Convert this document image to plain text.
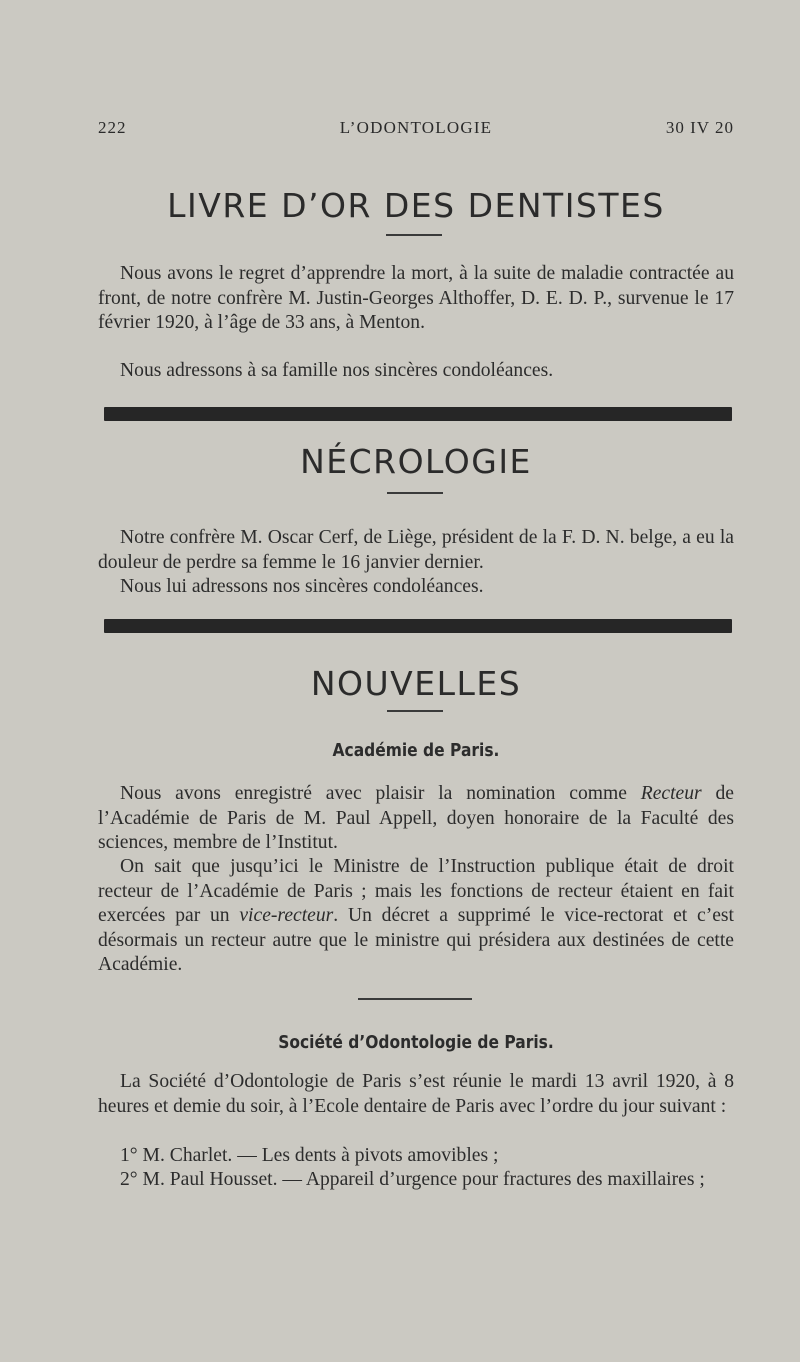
222	L’ODONTOLOGIE	30 IV 20
LIVRE D’OR DES DENTISTES

Nous avons le regret d’apprendre la mort, à la suite de maladie contractée au front, de notre confrère M. Justin-Georges Althoffer, D. E. D. P., survenue le 17 février 1920, à l’âge de 33 ans, à Menton.

Nous adressons à sa famille nos sincères condoléances.

NÉCROLOGIE

Notre confrère M. Oscar Cerf, de Liège, président de la F. D. N. belge, a eu la douleur de perdre sa femme le 16 janvier dernier.

Nous lui adressons nos sincères condoléances.

NOUVELLES
Académie de Paris.

Nous avons enregistré avec plaisir la nomination comme Recteur de l’Académie de Paris de M. Paul Appell, doyen honoraire de la Faculté des sciences, membre de l’Institut.

On sait que jusqu’ici le Ministre de l’Instruction publique était de droit recteur de l’Académie de Paris ; mais les fonctions de recteur étaient en fait exercées par un vice-recteur. Un décret a supprimé le vice-rectorat et c’est désormais un recteur autre que le ministre qui présidera aux destinées de cette Académie.

Société d’Odontologie de Paris.

La Société d’Odontologie de Paris s’est réunie le mardi 13 avril 1920, à 8 heures et demie du soir, à l’Ecole dentaire de Paris avec l’ordre du jour suivant :

1° M. Charlet. — Les dents à pivots amovibles ;

2° M. Paul Housset. — Appareil d’urgence pour fractures des maxillaires ;
